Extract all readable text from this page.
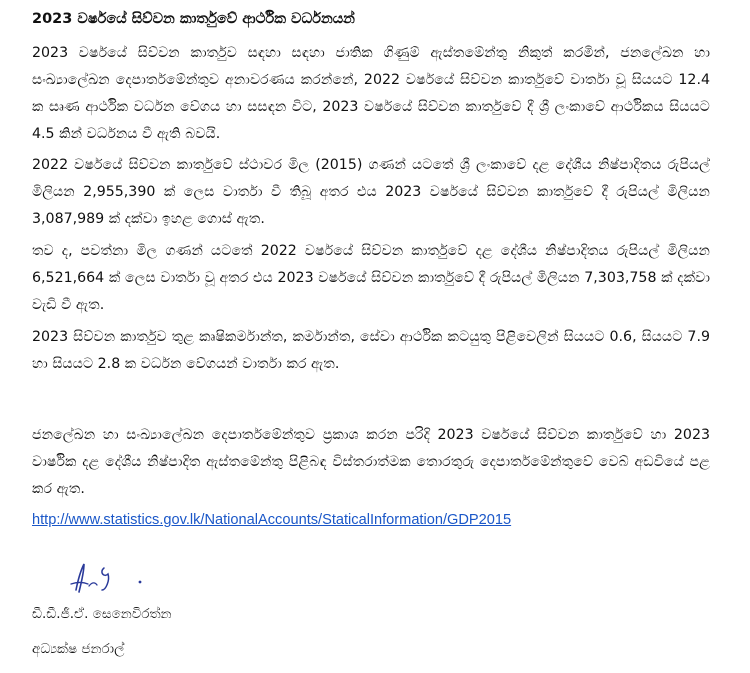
2023 වර්ෂයේ සිව්වන කාර්තුවේ ආර්ථික වර්ධනයන්

2023 වර්ෂයේ සිව්වන කාර්තුව සඳහා සඳහා ජාතික ගිණුම් ඇස්තමේන්තු නිකුත් කරමින්, ජනලේඛන හා සංඛ්‍යාලේඛන දෙපාර්තමේන්තුව අනාවරණය කරන්නේ, 2022 වර්ෂයේ සිව්වන කාර්තුවේ වාර්තා වූ සියයට 12.4 ක සෘණ ආර්ථික වර්ධන වේගය හා සසඳන විට, 2023 වර්ෂයේ සිව්වන කාර්තුවේ දී ශ්‍රී ලංකාවේ ආර්ථිකය සියයට 4.5 කින් වර්ධනය වී ඇති බවයි.

2022 වර්ෂයේ සිව්වන කාර්තුවේ ස්ථාවර මිල (2015) ගණන් යටතේ ශ්‍රී ලංකාවේ දළ දේශීය නිෂ්පාදිතය රුපියල් මිලියන 2,955,390 ක් ලෙස වාර්තා වී තිබූ අතර එය 2023 වර්ෂයේ සිව්වන කාර්තුවේ දී රුපියල් මිලියන 3,087,989 ක් දක්වා ඉහළ ගොස් ඇත.

තව ද, පවත්නා මිල ගණන් යටතේ 2022 වර්ෂයේ සිව්වන කාර්තුවේ දළ දේශීය නිෂ්පාදිතය රුපියල් මිලියන 6,521,664 ක් ලෙස වාර්තා වූ අතර එය 2023 වර්ෂයේ සිව්වන කාර්තුවේ දී රුපියල් මිලියන 7,303,758 ක් දක්වා වැඩි වී ඇත.

2023 සිව්වන කාර්තුව තුළ කෘෂිකර්මාන්ත, කර්මාන්ත, සේවා ආර්ථික කටයුතු පිළිවෙලින් සියයට 0.6, සියයට 7.9 හා සියයට 2.8 ක වර්ධන වේගයන් වාර්තා කර ඇත.

ජනලේඛන හා සංඛ්‍යාලේඛන දෙපාර්තමේන්තුව ප්‍රකාශ කරන පරිදි 2023 වර්ෂයේ සිව්වන කාර්තුවේ හා 2023 වාර්ෂික දළ දේශීය නිෂ්පාදිත ඇස්තමේන්තු පිළිබඳ විස්තරාත්මක තොරතුරු දෙපාර්තමේන්තුවේ වෙබ් අඩවියේ පළ කර ඇත.

http://www.statistics.gov.lk/NationalAccounts/StaticalInformation/GDP2015
ඩී.ඩී.ජී.ඒ. සෙනෙවිරත්න
අධ්‍යක්ෂ ජනරාල්
